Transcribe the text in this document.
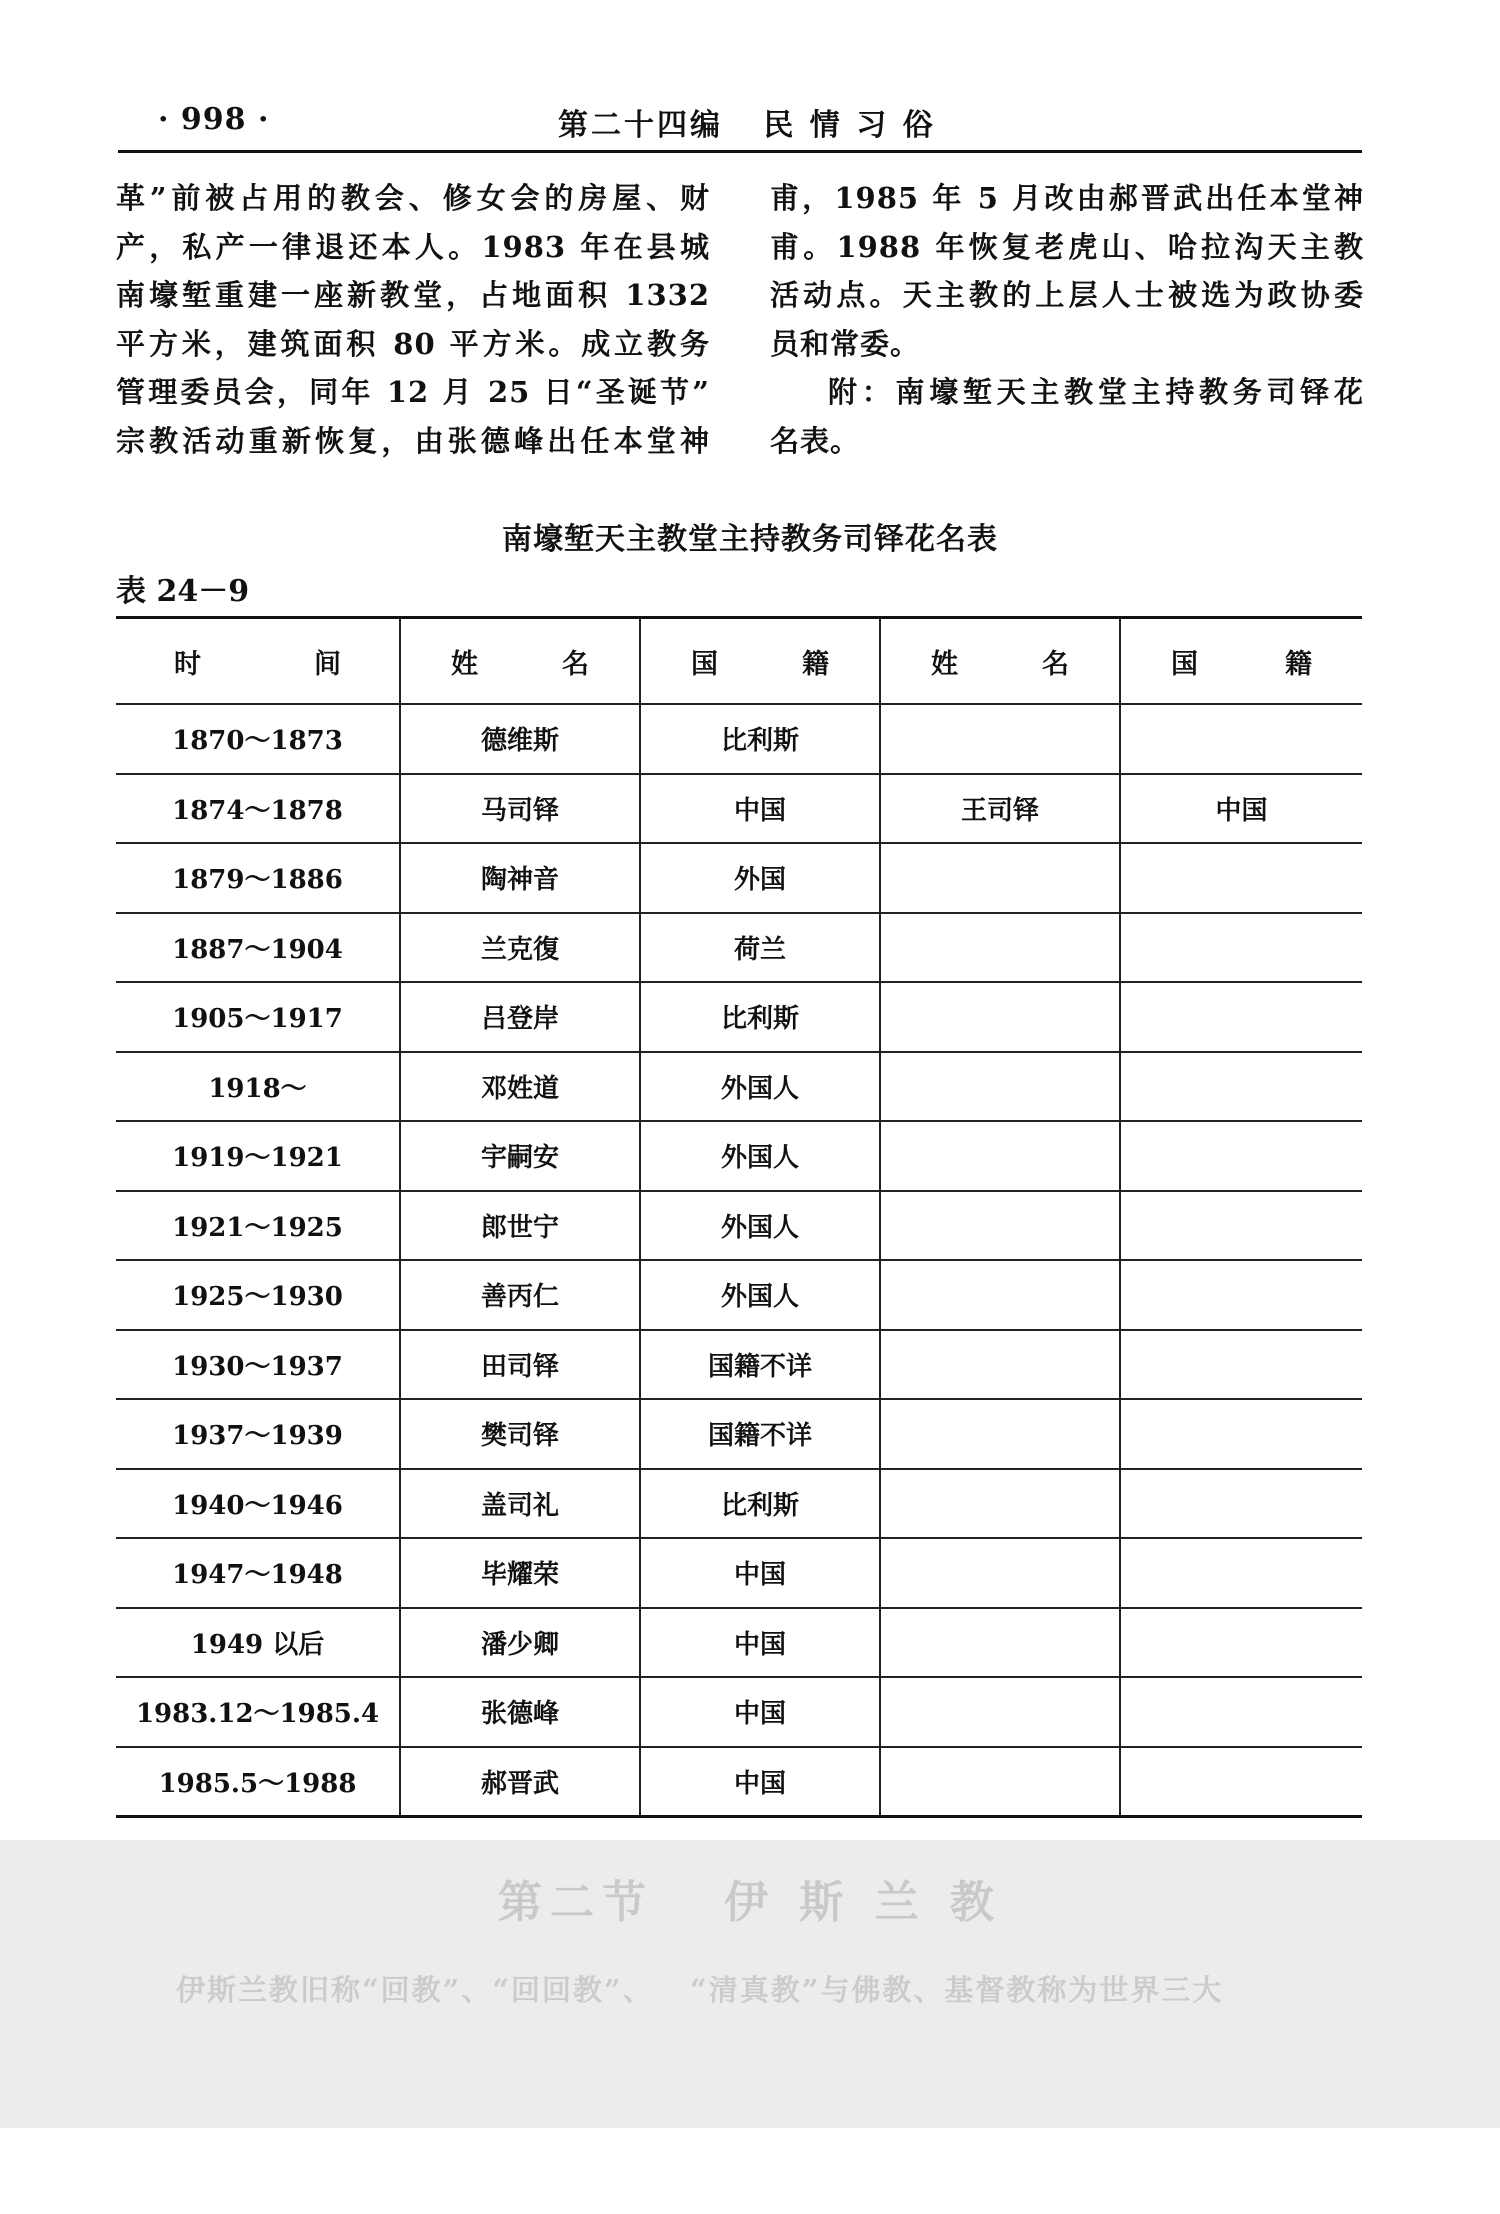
· 998 ·	第二十四编   民 情 习 俗

革”前被占用的教会、修女会的房屋、财

产，私产一律退还本人。1983 年在县城

南壕堑重建一座新教堂，占地面积 1332

平方米，建筑面积 80 平方米。成立教务

管理委员会，同年 12 月 25 日“圣诞节”

宗教活动重新恢复，由张德峰出任本堂神

甫，1985 年 5 月改由郝晋武出任本堂神

甫。1988 年恢复老虎山、哈拉沟天主教

活动点。天主教的上层人士被选为政协委

员和常委。

附：南壕堑天主教堂主持教务司铎花

名表。

南壕堑天主教堂主持教务司铎花名表
表 24－9
时 间	姓 名	国 籍	姓 名	国 籍

1870～1873	德维斯	比利斯		
1874～1878	马司铎	中国	王司铎	中国
1879～1886	陶神音	外国		
1887～1904	兰克復	荷兰		
1905～1917	吕登岸	比利斯		
1918～	邓姓道	外国人		
1919～1921	宇嗣安	外国人		
1921～1925	郎世宁	外国人		
1925～1930	善丙仁	外国人		
1930～1937	田司铎	国籍不详		
1937～1939	樊司铎	国籍不详		
1940～1946	盖司礼	比利斯		
1947～1948	毕耀荣	中国		
1949 以后	潘少卿	中国		
1983.12～1985.4	张德峰	中国		
1985.5～1988	郝晋武	中国		
第二节   伊 斯 兰 教
伊斯兰教旧称“回教”、“回回教”、   “清真教”与佛教、基督教称为世界三大
